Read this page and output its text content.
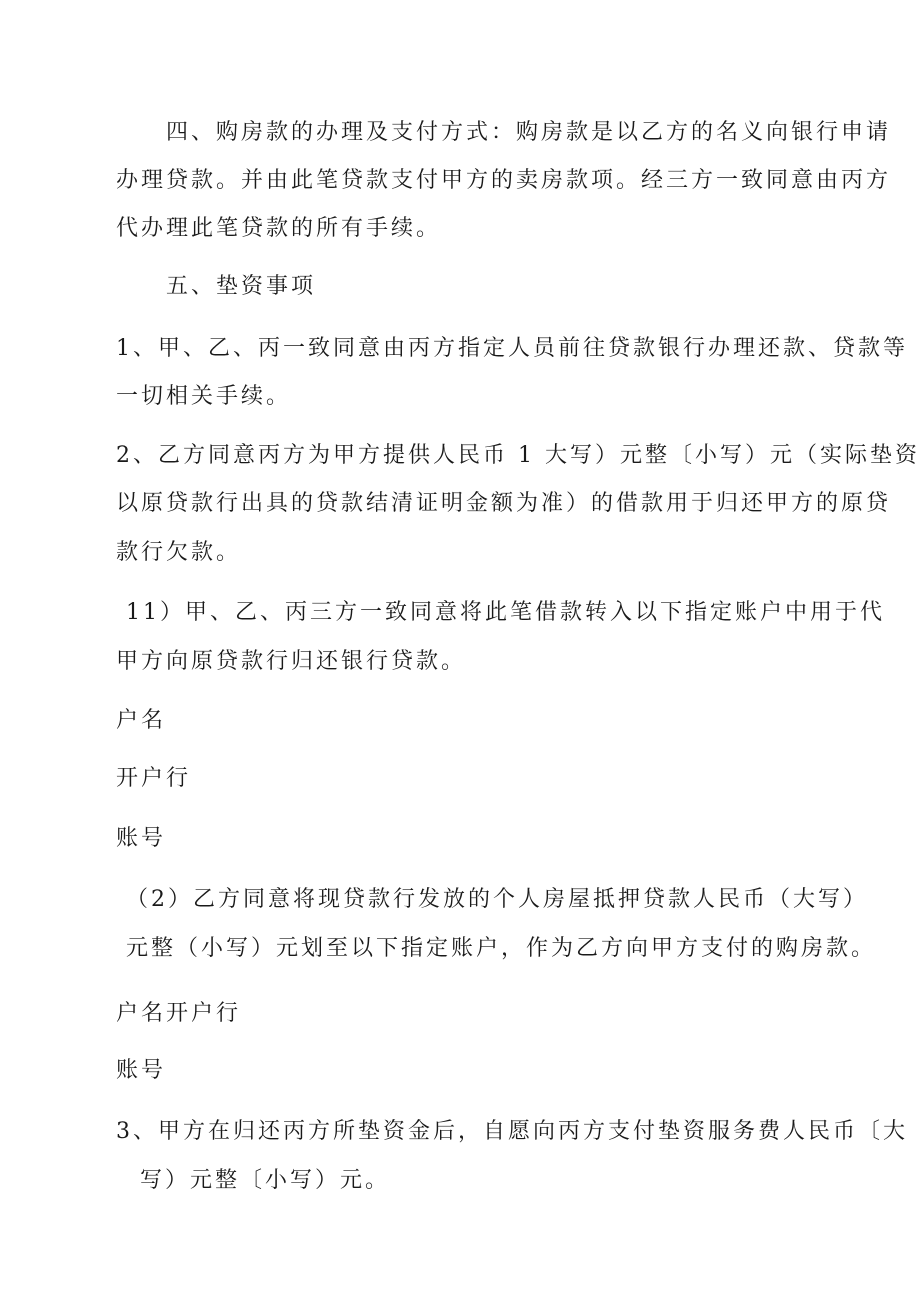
四、购房款的办理及支付方式：购房款是以乙方的名义向银行申请
办理贷款。并由此笔贷款支付甲方的卖房款项。经三方一致同意由丙方
代办理此笔贷款的所有手续。
五、垫资事项
1、甲、乙、丙一致同意由丙方指定人员前往贷款银行办理还款、贷款等
一切相关手续。
2、乙方同意丙方为甲方提供人民币 1 大写）元整〔小写）元（实际垫资
以原贷款行出具的贷款结清证明金额为准）的借款用于归还甲方的原贷
款行欠款。
11）甲、乙、丙三方一致同意将此笔借款转入以下指定账户中用于代
甲方向原贷款行归还银行贷款。
户名
开户行
账号
（2）乙方同意将现贷款行发放的个人房屋抵押贷款人民币（大写）
元整（小写）元划至以下指定账户，作为乙方向甲方支付的购房款。
户名开户行
账号
3、甲方在归还丙方所垫资金后，自愿向丙方支付垫资服务费人民币〔大
写）元整〔小写）元。
